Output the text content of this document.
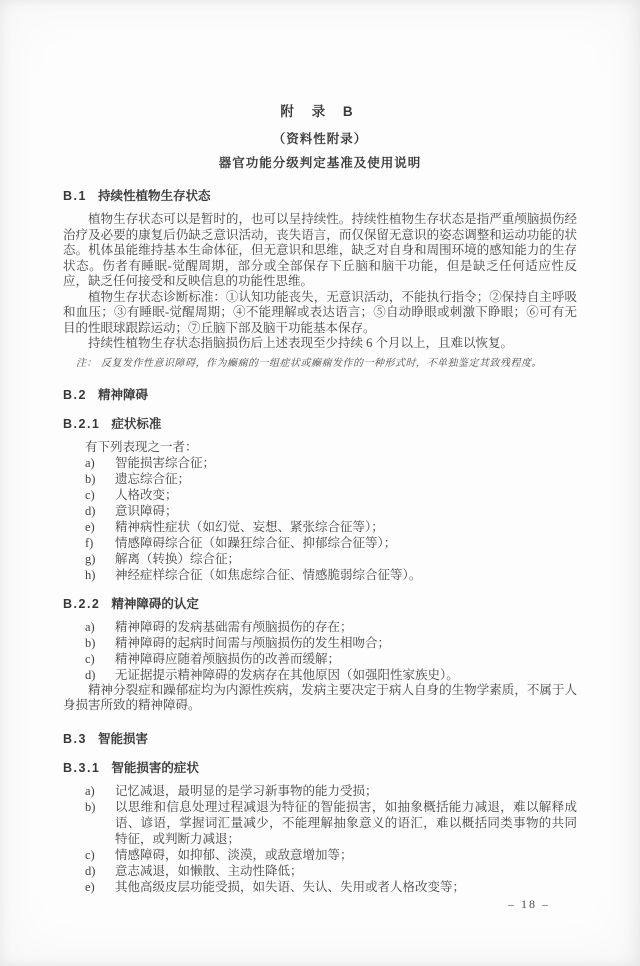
附 录 B
（资料性附录）
器官功能分级判定基准及使用说明
B.1 持续性植物生存状态

植物生存状态可以是暂时的，也可以呈持续性。持续性植物生存状态是指严重颅脑损伤经治疗及必要的康复后仍缺乏意识活动，丧失语言，而仅保留无意识的姿态调整和运动功能的状态。机体虽能维持基本生命体征，但无意识和思维，缺乏对自身和周围环境的感知能力的生存状态。伤者有睡眠-觉醒周期，部分或全部保存下丘脑和脑干功能，但是缺乏任何适应性反应，缺乏任何接受和反映信息的功能性思维。

植物生存状态诊断标准：①认知功能丧失，无意识活动，不能执行指令；②保持自主呼吸和血压；③有睡眠-觉醒周期；④不能理解或表达语言；⑤自动睁眼或刺激下睁眼；⑥可有无目的性眼球跟踪运动；⑦丘脑下部及脑干功能基本保存。

持续性植物生存状态指脑损伤后上述表现至少持续 6 个月以上，且难以恢复。

注： 反复发作性意识障碍，作为癫痫的一组症状或癫痫发作的一种形式时，不单独鉴定其致残程度。

B.2 精神障碍
B.2.1 症状标准

有下列表现之一者：

a)	智能损害综合征；
b)	遗忘综合征；
c)	人格改变；
d)	意识障碍；
e)	精神病性症状（如幻觉、妄想、紧张综合征等）；
f)	情感障碍综合征（如躁狂综合征、抑郁综合征等）；
g)	解离（转换）综合征；
h)	神经症样综合征（如焦虑综合征、情感脆弱综合征等）。
B.2.2 精神障碍的认定
a)	精神障碍的发病基础需有颅脑损伤的存在；
b)	精神障碍的起病时间需与颅脑损伤的发生相吻合；
c)	精神障碍应随着颅脑损伤的改善而缓解；
d)	无证据提示精神障碍的发病存在其他原因（如强阳性家族史）。

精神分裂症和躁郁症均为内源性疾病，发病主要决定于病人自身的生物学素质，不属于人身损害所致的精神障碍。

B.3 智能损害
B.3.1 智能损害的症状
a)	记忆减退，最明显的是学习新事物的能力受损；
b)	以思维和信息处理过程减退为特征的智能损害，如抽象概括能力减退，难以解释成语、谚语，掌握词汇量减少，不能理解抽象意义的语汇，难以概括同类事物的共同特征，或判断力减退；
c)	情感障碍，如抑郁、淡漠，或敌意增加等；
d)	意志减退，如懒散、主动性降低；
e)	其他高级皮层功能受损，如失语、失认、失用或者人格改变等；
– 18 –
